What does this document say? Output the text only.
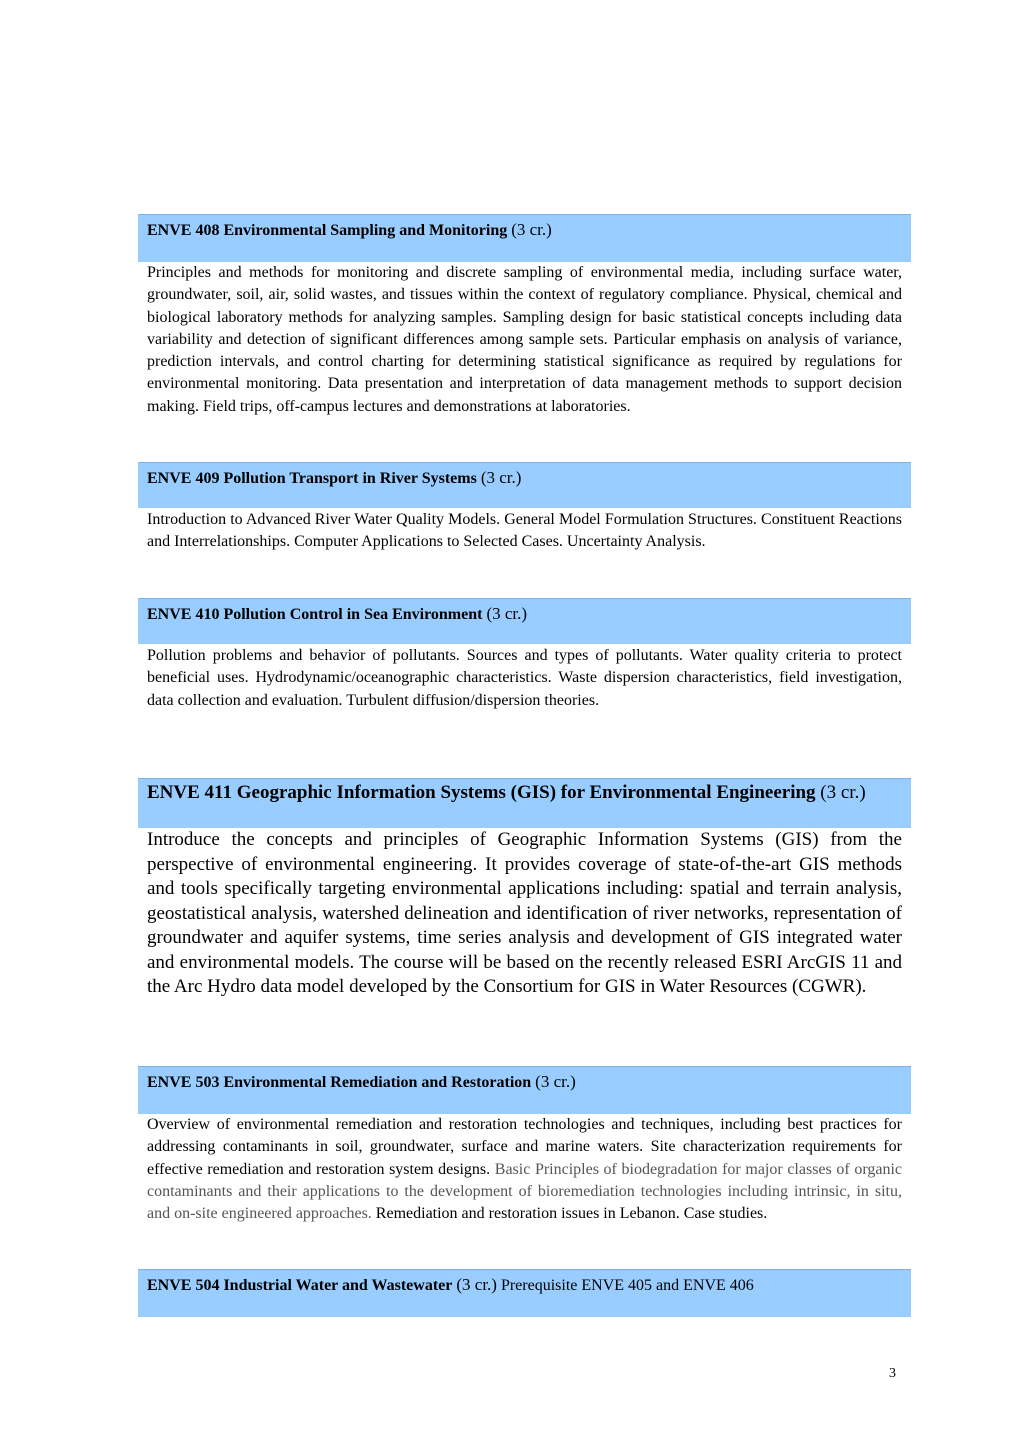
ENVE 408 Environmental Sampling and Monitoring (3 cr.)
Principles and methods for monitoring and discrete sampling of environmental media, including surface water, groundwater, soil, air, solid wastes, and tissues within the context of regulatory compliance. Physical, chemical and biological laboratory methods for analyzing samples. Sampling design for basic statistical concepts including data variability and detection of significant differences among sample sets. Particular emphasis on analysis of variance, prediction intervals, and control charting for determining statistical significance as required by regulations for environmental monitoring. Data presentation and interpretation of data management methods to support decision making. Field trips, off-campus lectures and demonstrations at laboratories.
ENVE 409 Pollution Transport in River Systems (3 cr.)
Introduction to Advanced River Water Quality Models. General Model Formulation Structures. Constituent Reactions and Interrelationships. Computer Applications to Selected Cases. Uncertainty Analysis.
ENVE 410 Pollution Control in Sea Environment (3 cr.)
Pollution problems and behavior of pollutants. Sources and types of pollutants. Water quality criteria to protect beneficial uses. Hydrodynamic/oceanographic characteristics. Waste dispersion characteristics, field investigation, data collection and evaluation. Turbulent diffusion/dispersion theories.
ENVE 411 Geographic Information Systems (GIS) for Environmental Engineering (3 cr.)
Introduce the concepts and principles of Geographic Information Systems (GIS) from the perspective of environmental engineering. It provides coverage of state-of-the-art GIS methods and tools specifically targeting environmental applications including: spatial and terrain analysis, geostatistical analysis, watershed delineation and identification of river networks, representation of groundwater and aquifer systems, time series analysis and development of GIS integrated water and environmental models. The course will be based on the recently released ESRI ArcGIS 11 and the Arc Hydro data model developed by the Consortium for GIS in Water Resources (CGWR).
ENVE 503 Environmental Remediation and Restoration (3 cr.)
Overview of environmental remediation and restoration technologies and techniques, including best practices for addressing contaminants in soil, groundwater, surface and marine waters. Site characterization requirements for effective remediation and restoration system designs. Basic Principles of biodegradation for major classes of organic contaminants and their applications to the development of bioremediation technologies including intrinsic, in situ, and on-site engineered approaches. Remediation and restoration issues in Lebanon. Case studies.
ENVE 504 Industrial Water and Wastewater (3 cr.) Prerequisite ENVE 405 and ENVE 406
3
